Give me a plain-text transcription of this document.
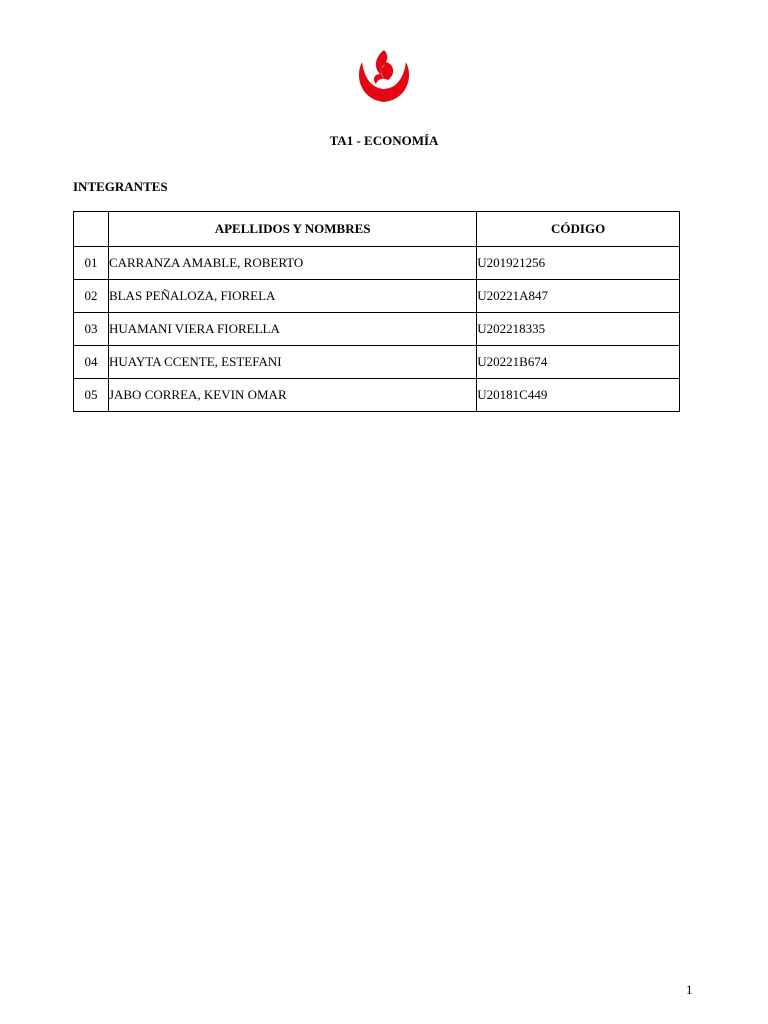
TA1 - ECONOMÍA
INTEGRANTES
	APELLIDOS Y NOMBRES	CÓDIGO
01	CARRANZA AMABLE, ROBERTO	U201921256
02	BLAS PEÑALOZA, FIORELA	U20221A847
03	HUAMANI VIERA FIORELLA	U202218335
04	HUAYTA CCENTE, ESTEFANI	U20221B674
05	JABO CORREA, KEVIN OMAR	U20181C449
1
